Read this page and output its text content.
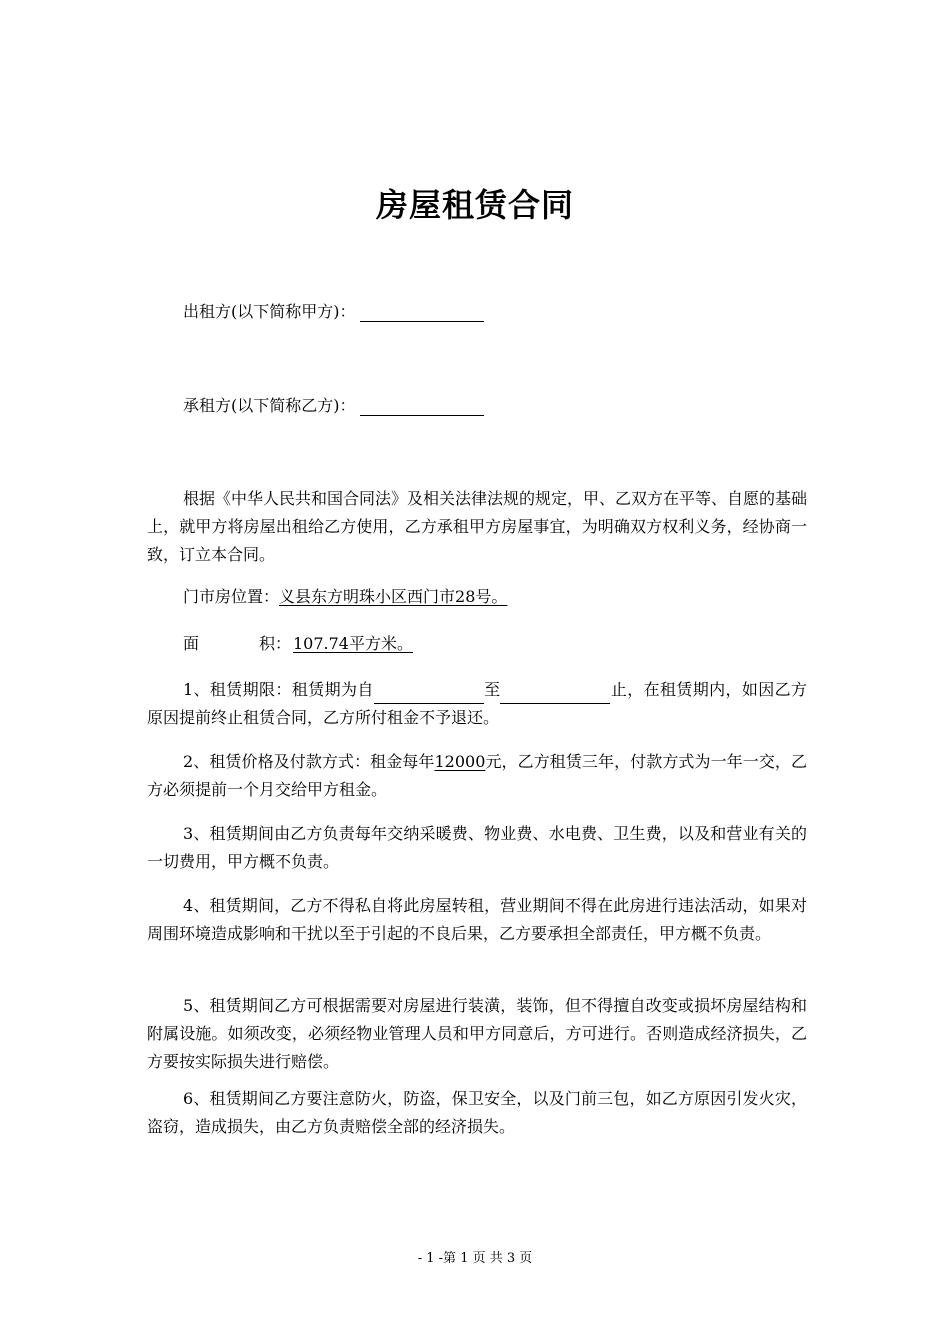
房屋租赁合同
出租方(以下简称甲方)：
承租方(以下简称乙方)：

根据《中华人民共和国合同法》及相关法律法规的规定，甲、乙双方在平等、自愿的基础上，就甲方将房屋出租给乙方使用，乙方承租甲方房屋事宜，为明确双方权利义务，经协商一致，订立本合同。

门市房位置：义县东方明珠小区西门市28号。
面	积： 107.74平方米。

1、租赁期限：租赁期为自	至	止，在租赁期内，如因乙方原因提前终止租赁合同，乙方所付租金不予退还。

2、租赁价格及付款方式：租金每年12000元，乙方租赁三年，付款方式为一年一交，乙方必须提前一个月交给甲方租金。

3、租赁期间由乙方负责每年交纳采暖费、物业费、水电费、卫生费，以及和营业有关的一切费用，甲方概不负责。

4、租赁期间，乙方不得私自将此房屋转租，营业期间不得在此房进行违法活动，如果对周围环境造成影响和干扰以至于引起的不良后果，乙方要承担全部责任，甲方概不负责。

5、租赁期间乙方可根据需要对房屋进行装潢，装饰，但不得擅自改变或损坏房屋结构和附属设施。如须改变，必须经物业管理人员和甲方同意后，方可进行。否则造成经济损失，乙方要按实际损失进行赔偿。

6、租赁期间乙方要注意防火，防盗，保卫安全，以及门前三包，如乙方原因引发火灾，盗窃，造成损失，由乙方负责赔偿全部的经济损失。

- 1 -第 1 页 共 3 页
